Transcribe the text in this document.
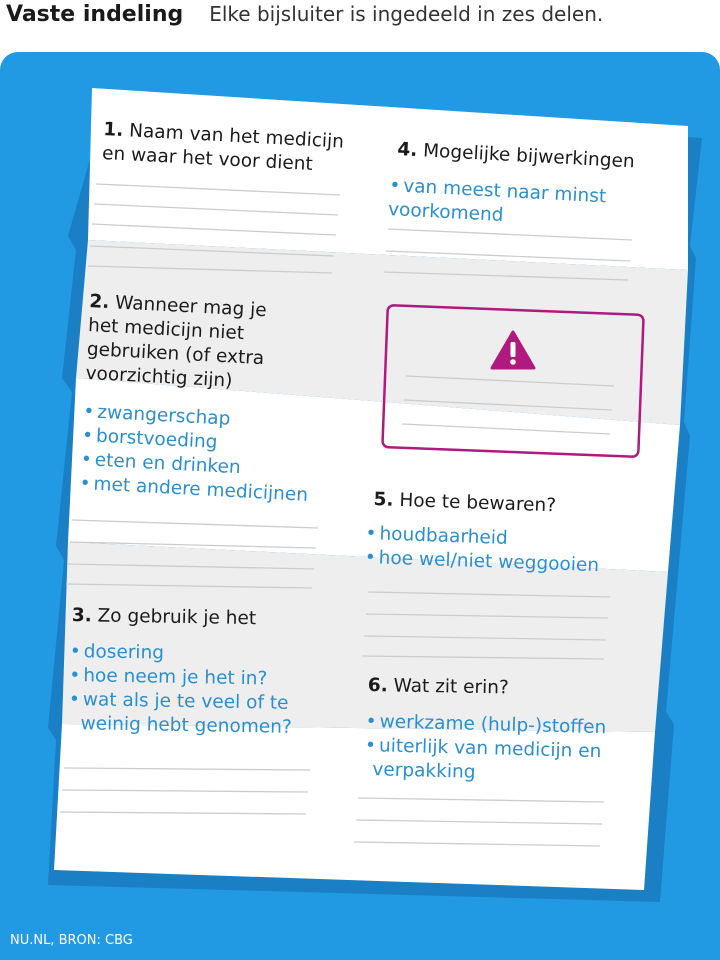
Vaste indeling Elke bijsluiter is ingedeeld in zes delen.
NU.NL, BRON: CBG
1. Naam van het medicijn
en waar het voor dient	4. Mogelijke bijwerkingen
• van meest naar minst
voorkomend
2. Wanneer mag je
het medicijn niet
gebruiken (of extra
voorzichtig zijn)
• zwangerschap
• borstvoeding
• eten en drinken
• met andere medicijnen	5. Hoe te bewaren?
• houdbaarheid
• hoe wel/niet weggooien
3. Zo gebruik je het
• dosering
• hoe neem je het in?
• wat als je te veel of te
weinig hebt genomen?
6. Wat zit erin?
• werkzame (hulp-)stoffen
• uiterlijk van medicijn en
verpakking
